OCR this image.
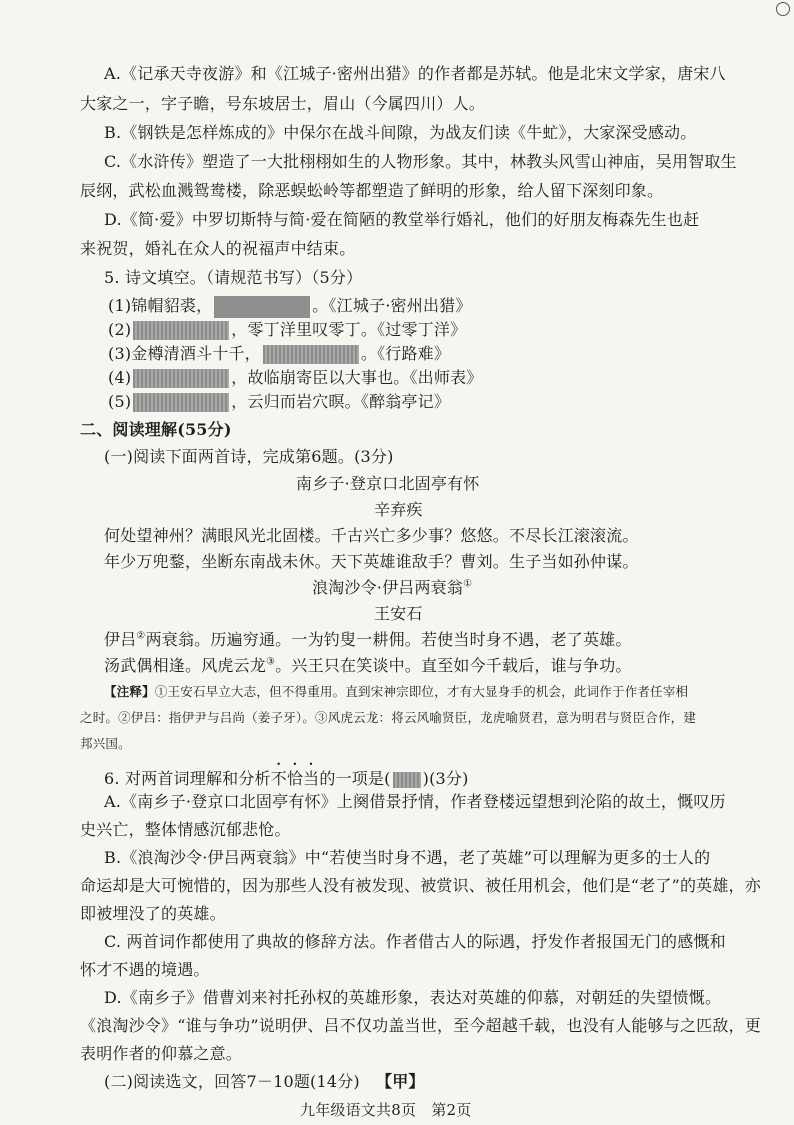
A.《记承天寺夜游》和《江城子·密州出猎》的作者都是苏轼。他是北宋文学家，唐宋八
大家之一，字子瞻，号东坡居士，眉山（今属四川）人。
B.《钢铁是怎样炼成的》中保尔在战斗间隙，为战友们读《牛虻》，大家深受感动。
C.《水浒传》塑造了一大批栩栩如生的人物形象。其中，林教头风雪山神庙，吴用智取生
辰纲，武松血溅鸳鸯楼，除恶蜈蚣岭等都塑造了鲜明的形象，给人留下深刻印象。
D.《简·爱》中罗切斯特与简·爱在简陋的教堂举行婚礼，他们的好朋友梅森先生也赶
来祝贺，婚礼在众人的祝福声中结束。
5. 诗文填空。（请规范书写）（5分）
(1)锦帽貂裘，	。《江城子·密州出猎》
(2)	，零丁洋里叹零丁。《过零丁洋》
(3)金樽清酒斗十千，	。《行路难》
(4)	，故临崩寄臣以大事也。《出师表》
(5)	，云归而岩穴暝。《醉翁亭记》
二、阅读理解(55分)
(一)阅读下面两首诗，完成第6题。(3分)
南乡子·登京口北固亭有怀
辛弃疾
何处望神州？满眼风光北固楼。千古兴亡多少事？悠悠。不尽长江滚滚流。
年少万兜鍪，坐断东南战未休。天下英雄谁敌手？曹刘。生子当如孙仲谋。
浪淘沙令·伊吕两衰翁①
王安石
伊吕②两衰翁。历遍穷通。一为钓叟一耕佣。若使当时身不遇，老了英雄。
汤武偶相逢。风虎云龙③。兴王只在笑谈中。直至如今千载后，谁与争功。
【注释】①王安石早立大志，但不得重用。直到宋神宗即位，才有大显身手的机会，此词作于作者任宰相
之时。②伊吕：指伊尹与吕尚（姜子牙）。③风虎云龙：将云风喻贤臣，龙虎喻贤君，意为明君与贤臣合作，建
邦兴国。
6. 对两首词理解和分析不恰当的一项是( )(3分)
A.《南乡子·登京口北固亭有怀》上阕借景抒情，作者登楼远望想到沦陷的故土，慨叹历
史兴亡，整体情感沉郁悲怆。
B.《浪淘沙令·伊吕两衰翁》中“若使当时身不遇，老了英雄”可以理解为更多的士人的
命运却是大可惋惜的，因为那些人没有被发现、被赏识、被任用机会，他们是“老了”的英雄，亦
即被埋没了的英雄。
C. 两首词作都使用了典故的修辞方法。作者借古人的际遇，抒发作者报国无门的感慨和
怀才不遇的境遇。
D.《南乡子》借曹刘来衬托孙权的英雄形象，表达对英雄的仰慕，对朝廷的失望愤慨。
《浪淘沙令》“谁与争功”说明伊、吕不仅功盖当世，至今超越千载，也没有人能够与之匹敌，更
表明作者的仰慕之意。
(二)阅读选文，回答7－10题(14分) 【甲】
九年级语文共8页　第2页
